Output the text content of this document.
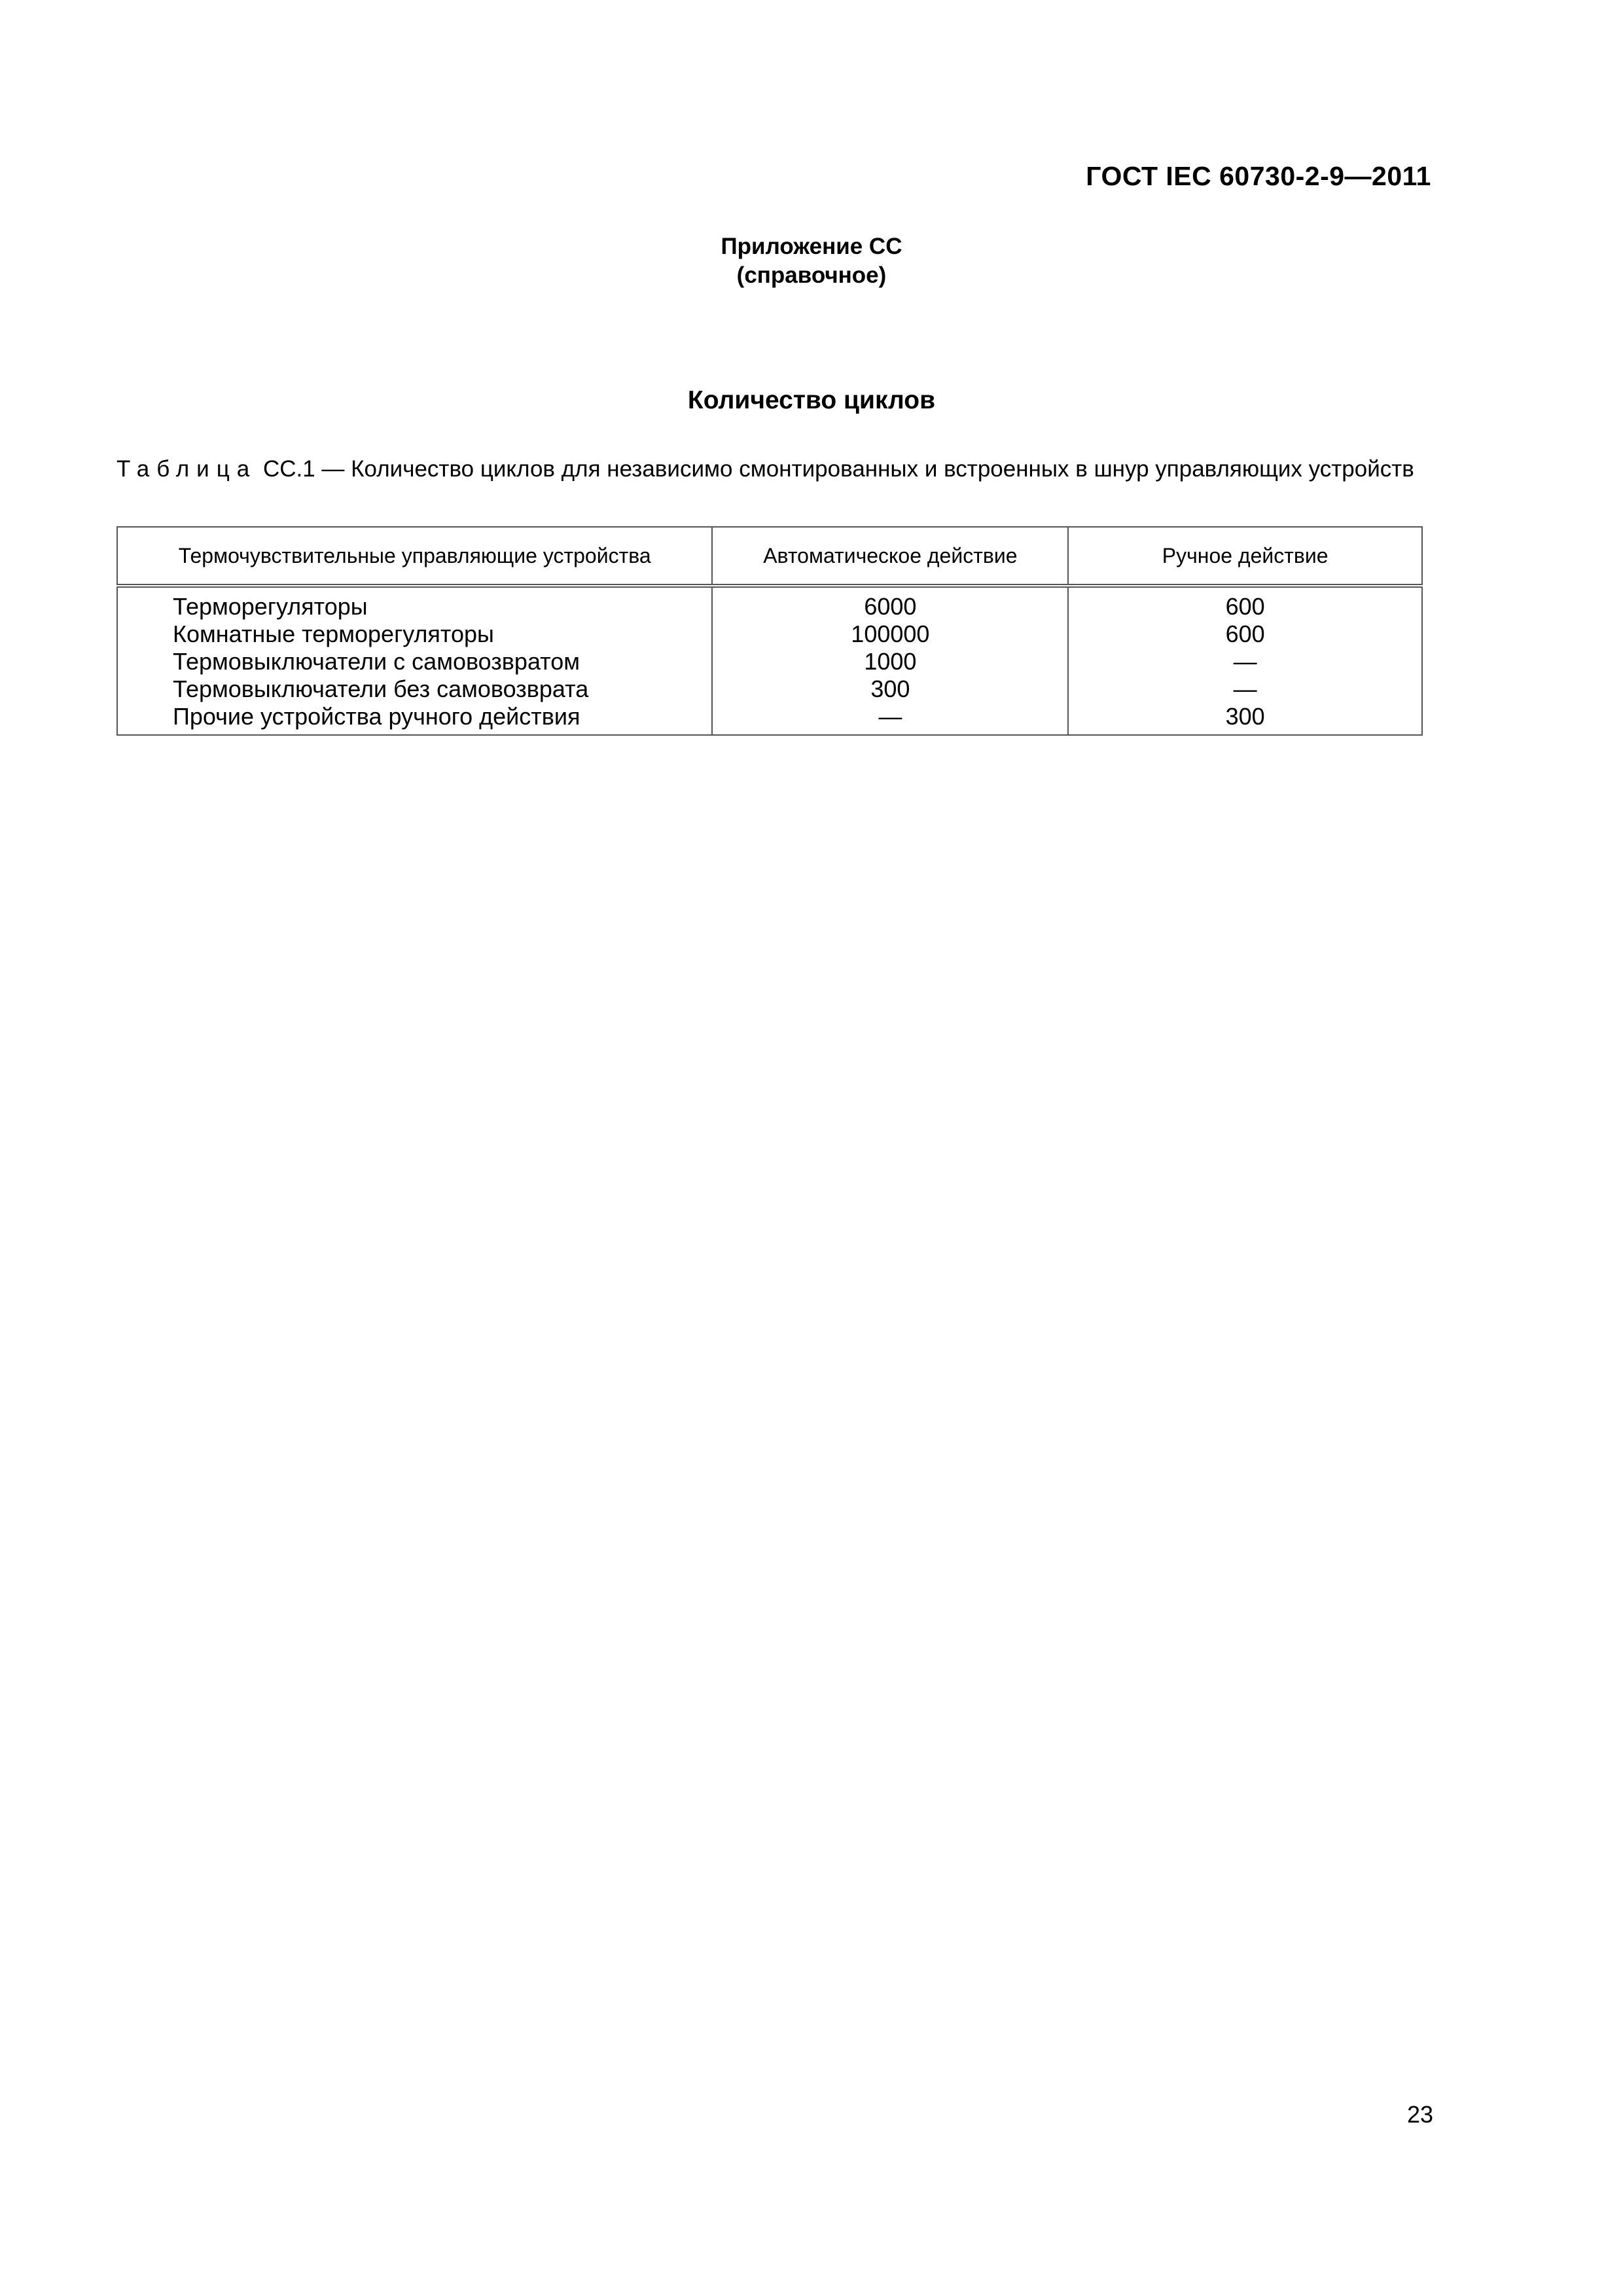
ГОСТ IEC 60730-2-9—2011
Приложение СС
(справочное)
Количество циклов
Таблица СС.1 — Количество циклов для независимо смонтированных и встроенных в шнур управляющих устройств
Термочувствительные управляющие устройства	Автоматическое действие	Ручное действие
Терморегуляторы	6000	600
Комнатные терморегуляторы	100000	600
Термовыключатели с самовозвратом	1000	—
Термовыключатели без самовозврата	300	—
Прочие устройства ручного действия	—	300
23
